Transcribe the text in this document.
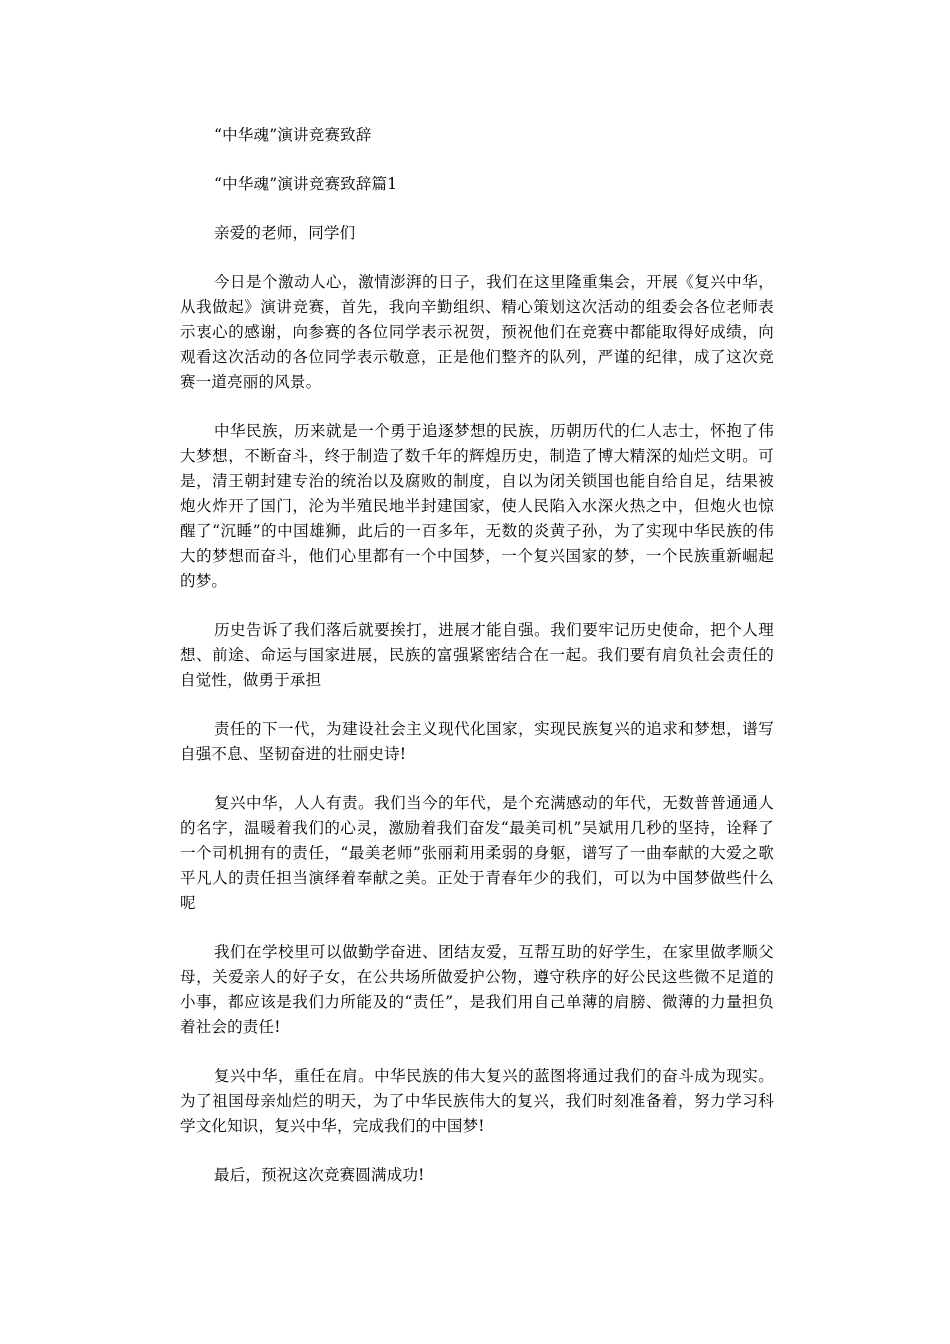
“中华魂”演讲竞赛致辞

“中华魂”演讲竞赛致辞篇1

亲爱的老师，同学们

今日是个激动人心，激情澎湃的日子，我们在这里隆重集会，开展《复兴中华，从我做起》演讲竞赛，首先，我向辛勤组织、精心策划这次活动的组委会各位老师表示衷心的感谢，向参赛的各位同学表示祝贺，预祝他们在竞赛中都能取得好成绩，向观看这次活动的各位同学表示敬意，正是他们整齐的队列，严谨的纪律，成了这次竞赛一道亮丽的风景。

中华民族，历来就是一个勇于追逐梦想的民族，历朝历代的仁人志士，怀抱了伟大梦想，不断奋斗，终于制造了数千年的辉煌历史，制造了博大精深的灿烂文明。可是，清王朝封建专治的统治以及腐败的制度，自以为闭关锁国也能自给自足，结果被炮火炸开了国门，沦为半殖民地半封建国家，使人民陷入水深火热之中，但炮火也惊醒了“沉睡”的中国雄狮，此后的一百多年，无数的炎黄子孙，为了实现中华民族的伟大的梦想而奋斗，他们心里都有一个中国梦，一个复兴国家的梦，一个民族重新崛起的梦。

历史告诉了我们落后就要挨打，进展才能自强。我们要牢记历史使命，把个人理想、前途、命运与国家进展，民族的富强紧密结合在一起。我们要有肩负社会责任的自觉性，做勇于承担

责任的下一代，为建设社会主义现代化国家，实现民族复兴的追求和梦想，谱写自强不息、坚韧奋进的壮丽史诗!

复兴中华，人人有责。我们当今的年代，是个充满感动的年代，无数普普通通人的名字，温暖着我们的心灵，激励着我们奋发“最美司机”吴斌用几秒的坚持，诠释了一个司机拥有的责任，“最美老师”张丽莉用柔弱的身躯，谱写了一曲奉献的大爱之歌平凡人的责任担当演绎着奉献之美。正处于青春年少的我们，可以为中国梦做些什么呢

我们在学校里可以做勤学奋进、团结友爱，互帮互助的好学生，在家里做孝顺父母，关爱亲人的好子女，在公共场所做爱护公物，遵守秩序的好公民这些微不足道的小事，都应该是我们力所能及的“责任”，是我们用自己单薄的肩膀、微薄的力量担负着社会的责任!

复兴中华，重任在肩。中华民族的伟大复兴的蓝图将通过我们的奋斗成为现实。为了祖国母亲灿烂的明天，为了中华民族伟大的复兴，我们时刻准备着，努力学习科学文化知识，复兴中华，完成我们的中国梦!

最后，预祝这次竞赛圆满成功!
